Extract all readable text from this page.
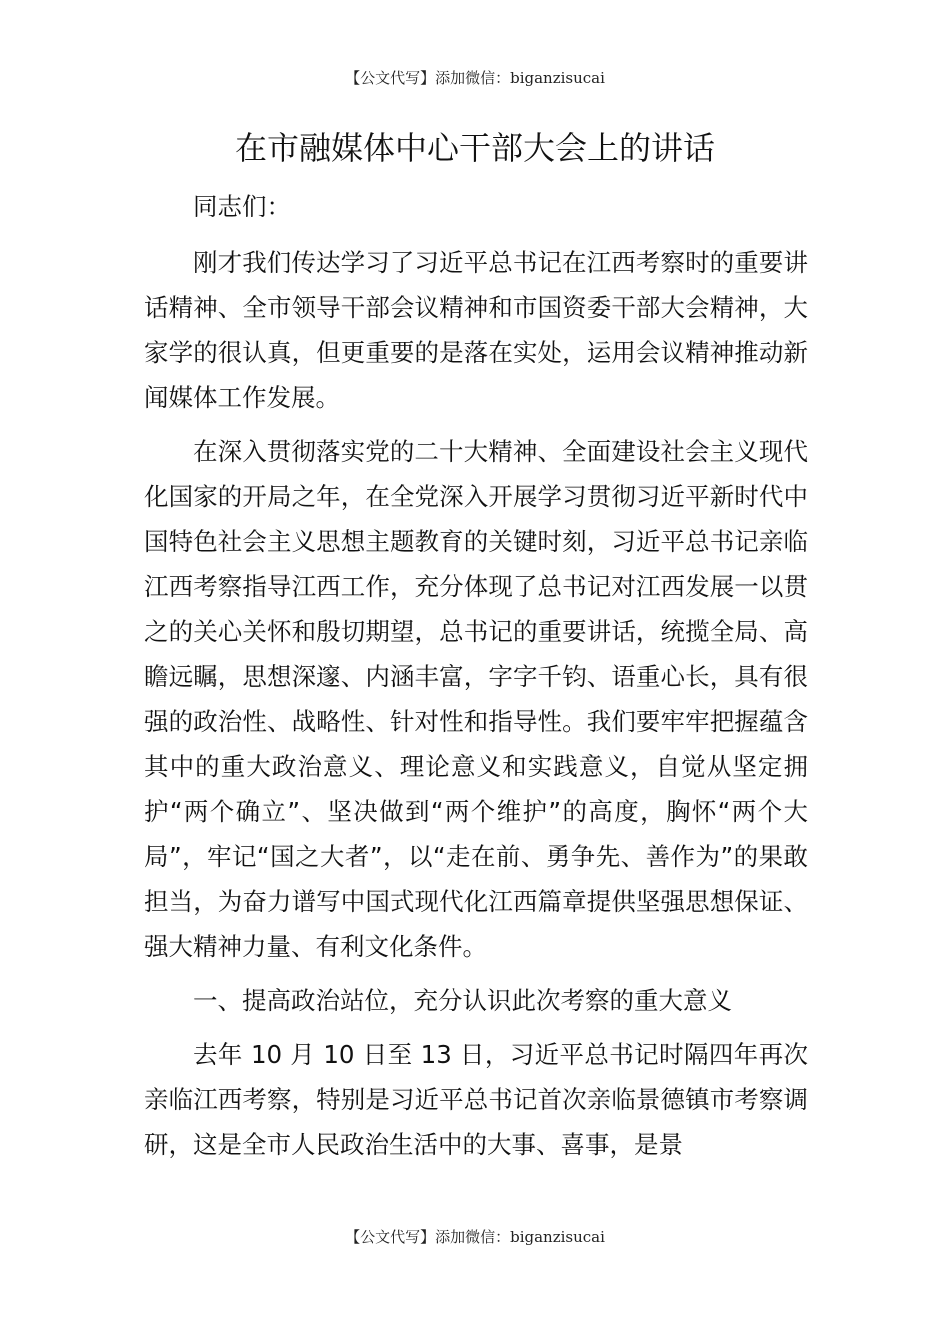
【公文代写】添加微信：biganzisucai
在市融媒体中心干部大会上的讲话

同志们：

刚才我们传达学习了习近平总书记在江西考察时的重要讲话精神、全市领导干部会议精神和市国资委干部大会精神，大家学的很认真，但更重要的是落在实处，运用会议精神推动新闻媒体工作发展。

在深入贯彻落实党的二十大精神、全面建设社会主义现代化国家的开局之年，在全党深入开展学习贯彻习近平新时代中国特色社会主义思想主题教育的关键时刻，习近平总书记亲临江西考察指导江西工作，充分体现了总书记对江西发展一以贯之的关心关怀和殷切期望，总书记的重要讲话，统揽全局、高瞻远瞩，思想深邃、内涵丰富，字字千钧、语重心长，具有很强的政治性、战略性、针对性和指导性。我们要牢牢把握蕴含其中的重大政治意义、理论意义和实践意义，自觉从坚定拥护“两个确立”、坚决做到“两个维护”的高度，胸怀“两个大局”，牢记“国之大者”，以“走在前、勇争先、善作为”的果敢担当，为奋力谱写中国式现代化江西篇章提供坚强思想保证、强大精神力量、有利文化条件。

一、提高政治站位，充分认识此次考察的重大意义

去年 10 月 10 日至 13 日，习近平总书记时隔四年再次亲临江西考察，特别是习近平总书记首次亲临景德镇市考察调研，这是全市人民政治生活中的大事、喜事，是景

【公文代写】添加微信：biganzisucai
